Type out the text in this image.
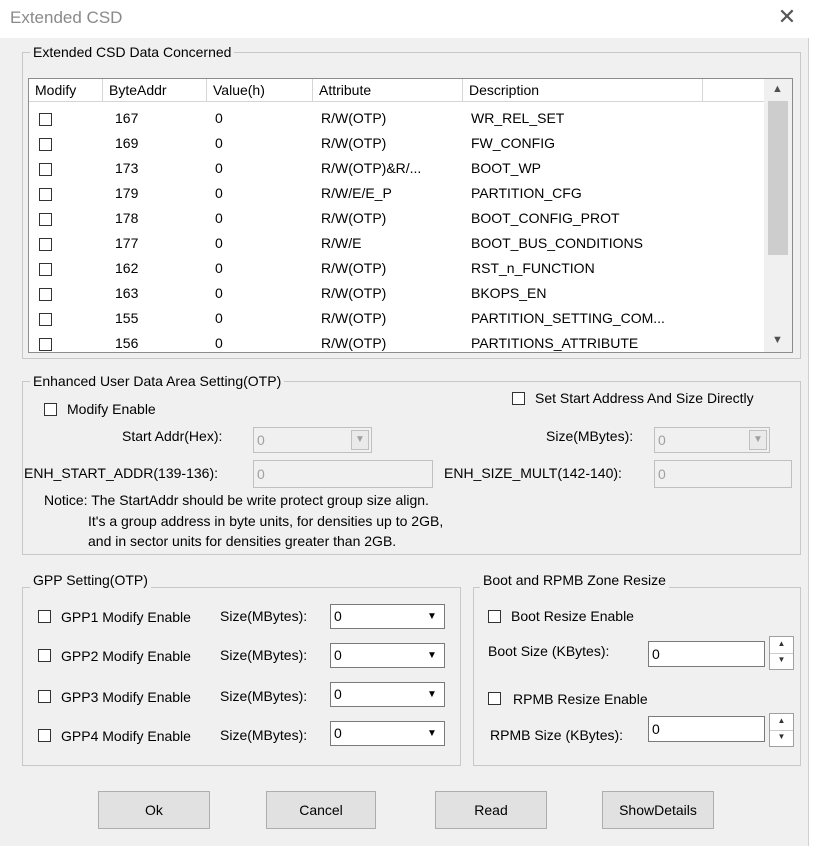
Extended CSD	✕
Extended CSD Data Concerned
Modify	ByteAddr	Value(h)	Attribute	Description
167	0	R/W(OTP)	WR_REL_SET
169	0	R/W(OTP)	FW_CONFIG
173	0	R/W(OTP)&R/...	BOOT_WP
179	0	R/W/E/E_P	PARTITION_CFG
178	0	R/W(OTP)	BOOT_CONFIG_PROT
177	0	R/W/E	BOOT_BUS_CONDITIONS
162	0	R/W(OTP)	RST_n_FUNCTION
163	0	R/W(OTP)	BKOPS_EN
155	0	R/W(OTP)	PARTITION_SETTING_COM...
156	0	R/W(OTP)	PARTITIONS_ATTRIBUTE
▲
▼
Enhanced User Data Area Setting(OTP)
Modify Enable
Set Start Address And Size Directly
Start Addr(Hex): 0	▼	Size(MBytes): 0	▼
ENH_START_ADDR(139-136):	0	ENH_SIZE_MULT(142-140):	0
Notice: The StartAddr should be write protect group size align.
It's a group address in byte units, for densities up to 2GB,
and in sector units for densities greater than 2GB.
GPP Setting(OTP)
GPP1 Modify Enable Size(MBytes): 0	▼
GPP2 Modify Enable Size(MBytes): 0	▼
GPP3 Modify Enable Size(MBytes): 0	▼
GPP4 Modify Enable Size(MBytes): 0	▼
Boot and RPMB Zone Resize
Boot Resize Enable
Boot Size (KBytes):	0
▲
▼
RPMB Resize Enable
RPMB Size (KBytes): 0
▲
▼
Ok	Cancel	Read	ShowDetails
